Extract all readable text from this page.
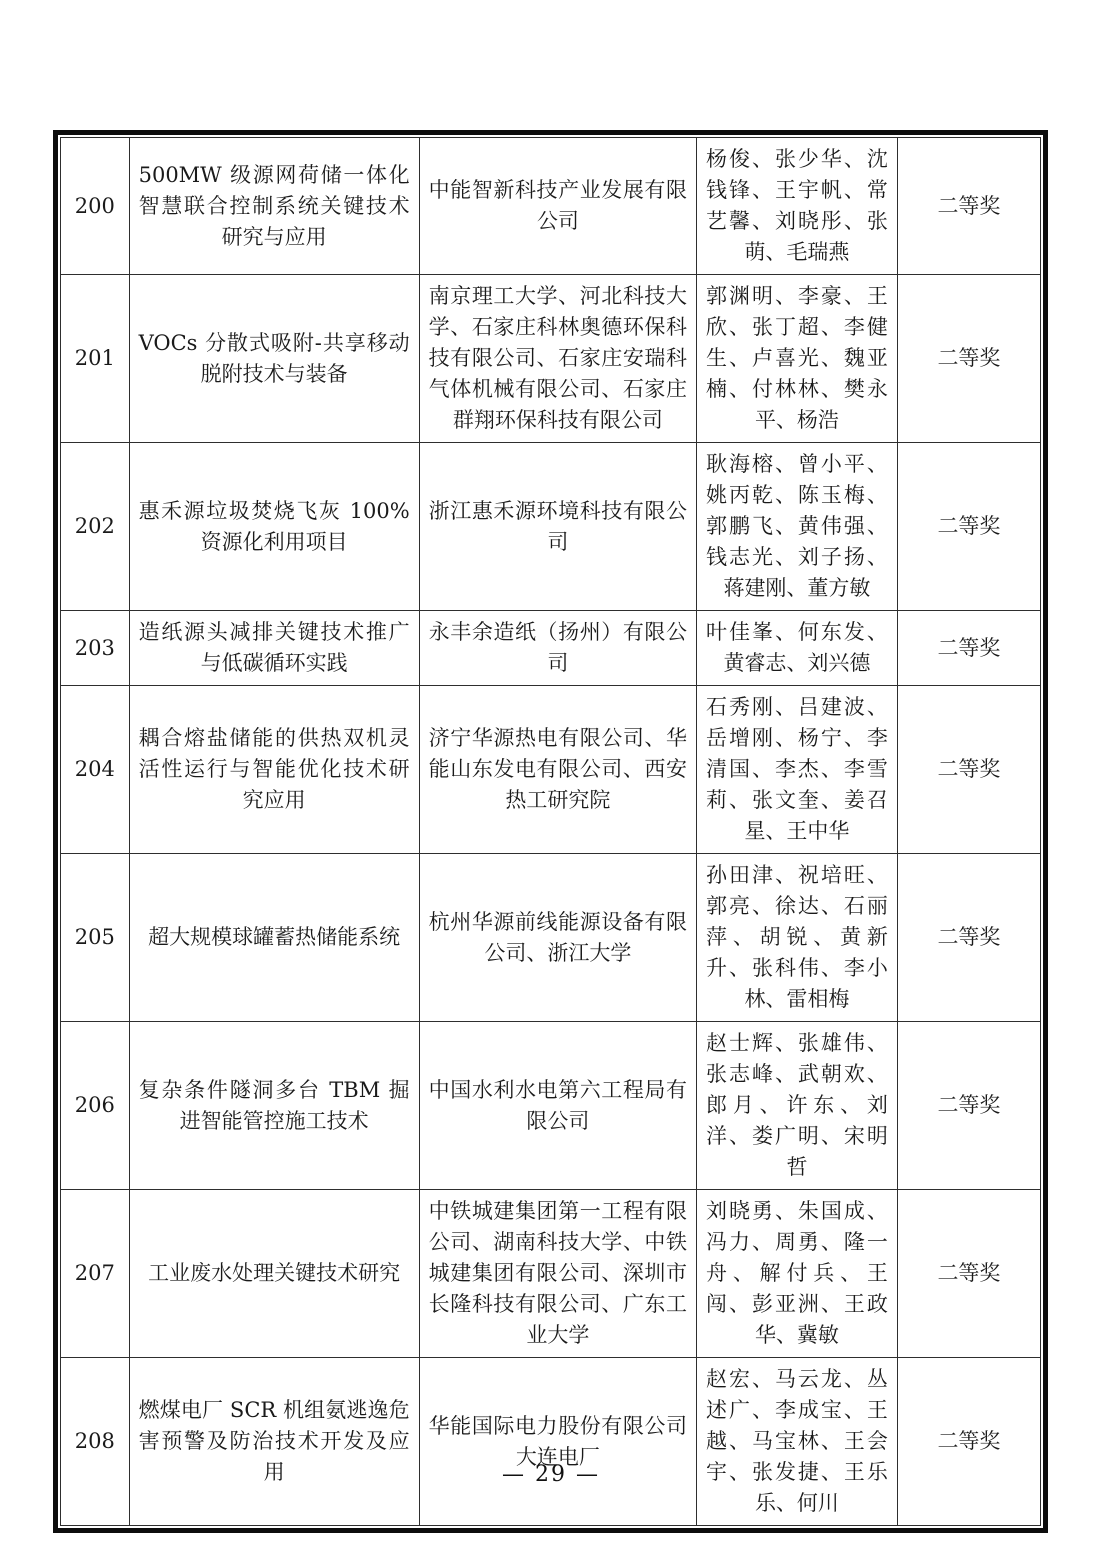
200	500MW 级源网荷储一体化智慧联合控制系统关键技术研究与应用	中能智新科技产业发展有限公司	杨俊、张少华、沈钱锋、王宇帆、常艺馨、刘晓彤、张萌、毛瑞燕	二等奖
201	VOCs 分散式吸附-共享移动脱附技术与装备	南京理工大学、河北科技大学、石家庄科林奥德环保科技有限公司、石家庄安瑞科气体机械有限公司、石家庄群翔环保科技有限公司	郭渊明、李豪、王欣、张丁超、李健生、卢喜光、魏亚楠、付林林、樊永平、杨浩	二等奖
202	惠禾源垃圾焚烧飞灰 100%资源化利用项目	浙江惠禾源环境科技有限公司	耿海榕、曾小平、姚丙乾、陈玉梅、郭鹏飞、黄伟强、钱志光、刘子扬、蒋建刚、董方敏	二等奖
203	造纸源头减排关键技术推广与低碳循环实践	永丰余造纸（扬州）有限公司	叶佳峯、何东发、黄睿志、刘兴德	二等奖
204	耦合熔盐储能的供热双机灵活性运行与智能优化技术研究应用	济宁华源热电有限公司、华能山东发电有限公司、西安热工研究院	石秀刚、吕建波、岳增刚、杨宁、李清国、李杰、李雪莉、张文奎、姜召星、王中华	二等奖
205	超大规模球罐蓄热储能系统	杭州华源前线能源设备有限公司、浙江大学	孙田津、祝培旺、郭亮、徐达、石丽萍、胡锐、黄新升、张科伟、李小林、雷相梅	二等奖
206	复杂条件隧洞多台 TBM 掘进智能管控施工技术	中国水利水电第六工程局有限公司	赵士辉、张雄伟、张志峰、武朝欢、郎月、许东、刘洋、娄广明、宋明哲	二等奖
207	工业废水处理关键技术研究	中铁城建集团第一工程有限公司、湖南科技大学、中铁城建集团有限公司、深圳市长隆科技有限公司、广东工业大学	刘晓勇、朱国成、冯力、周勇、隆一舟、解付兵、王闯、彭亚洲、王政华、冀敏	二等奖
208	燃煤电厂 SCR 机组氨逃逸危害预警及防治技术开发及应用	华能国际电力股份有限公司大连电厂	赵宏、马云龙、丛述广、李成宝、王越、马宝林、王会宇、张发捷、王乐乐、何川	二等奖
— 29 —
